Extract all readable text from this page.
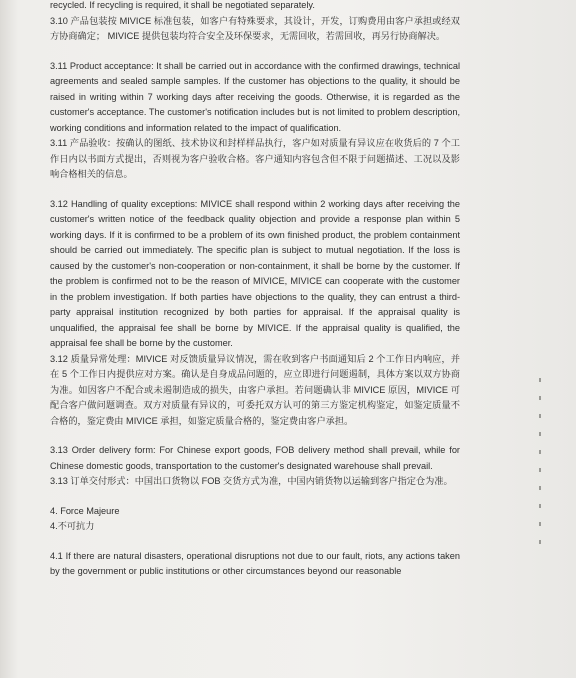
recycled. If recycling is required, it shall be negotiated separately.

3.10 产品包装按 MIVICE 标准包装，如客户有特殊要求，其设计，开发，订购费用由客户承担或经双方协商确定； MIVICE 提供包装均符合安全及环保要求，无需回收，若需回收，再另行协商解决。

3.11 Product acceptance: It shall be carried out in accordance with the confirmed drawings, technical agreements and sealed sample samples. If the customer has objections to the quality, it should be raised in writing within 7 working days after receiving the goods. Otherwise, it is regarded as the customer's acceptance. The customer's notification includes but is not limited to problem description, working conditions and information related to the impact of qualification.

3.11 产品验收：按确认的图纸、技术协议和封样样品执行，客户如对质量有异议应在收货后的 7 个工作日内以书面方式提出，否则视为客户验收合格。客户通知内容包含但不限于问题描述、工况以及影响合格相关的信息。

3.12 Handling of quality exceptions: MIVICE shall respond within 2 working days after receiving the customer's written notice of the feedback quality objection and provide a response plan within 5 working days. If it is confirmed to be a problem of its own finished product, the problem containment should be carried out immediately. The specific plan is subject to mutual negotiation. If the loss is caused by the customer's non-cooperation or non-containment, it shall be borne by the customer. If the problem is confirmed not to be the reason of MIVICE, MIVICE can cooperate with the customer in the problem investigation. If both parties have objections to the quality, they can entrust a third-party appraisal institution recognized by both parties for appraisal. If the appraisal quality is unqualified, the appraisal fee shall be borne by MIVICE. If the appraisal quality is qualified, the appraisal fee shall be borne by the customer.

3.12 质量异常处理：MIVICE 对反馈质量异议情况，需在收到客户书面通知后 2 个工作日内响应，并在 5 个工作日内提供应对方案。确认是自身成品问题的，应立即进行问题遏制，具体方案以双方协商为准。如因客户不配合或未遏制造成的损失，由客户承担。若问题确认非 MIVICE 原因，MIVICE 可配合客户做问题调查。双方对质量有异议的，可委托双方认可的第三方鉴定机构鉴定，如鉴定质量不合格的，鉴定费由 MIVICE 承担，如鉴定质量合格的，鉴定费由客户承担。

3.13 Order delivery form: For Chinese export goods, FOB delivery method shall prevail, while for Chinese domestic goods, transportation to the customer's designated warehouse shall prevail.

3.13 订单交付形式：中国出口货物以 FOB 交货方式为准，中国内销货物以运输到客户指定仓为准。

4. Force Majeure

4.不可抗力

4.1 If there are natural disasters, operational disruptions not due to our fault, riots, any actions taken by the government or public institutions or other circumstances beyond our reasonable
